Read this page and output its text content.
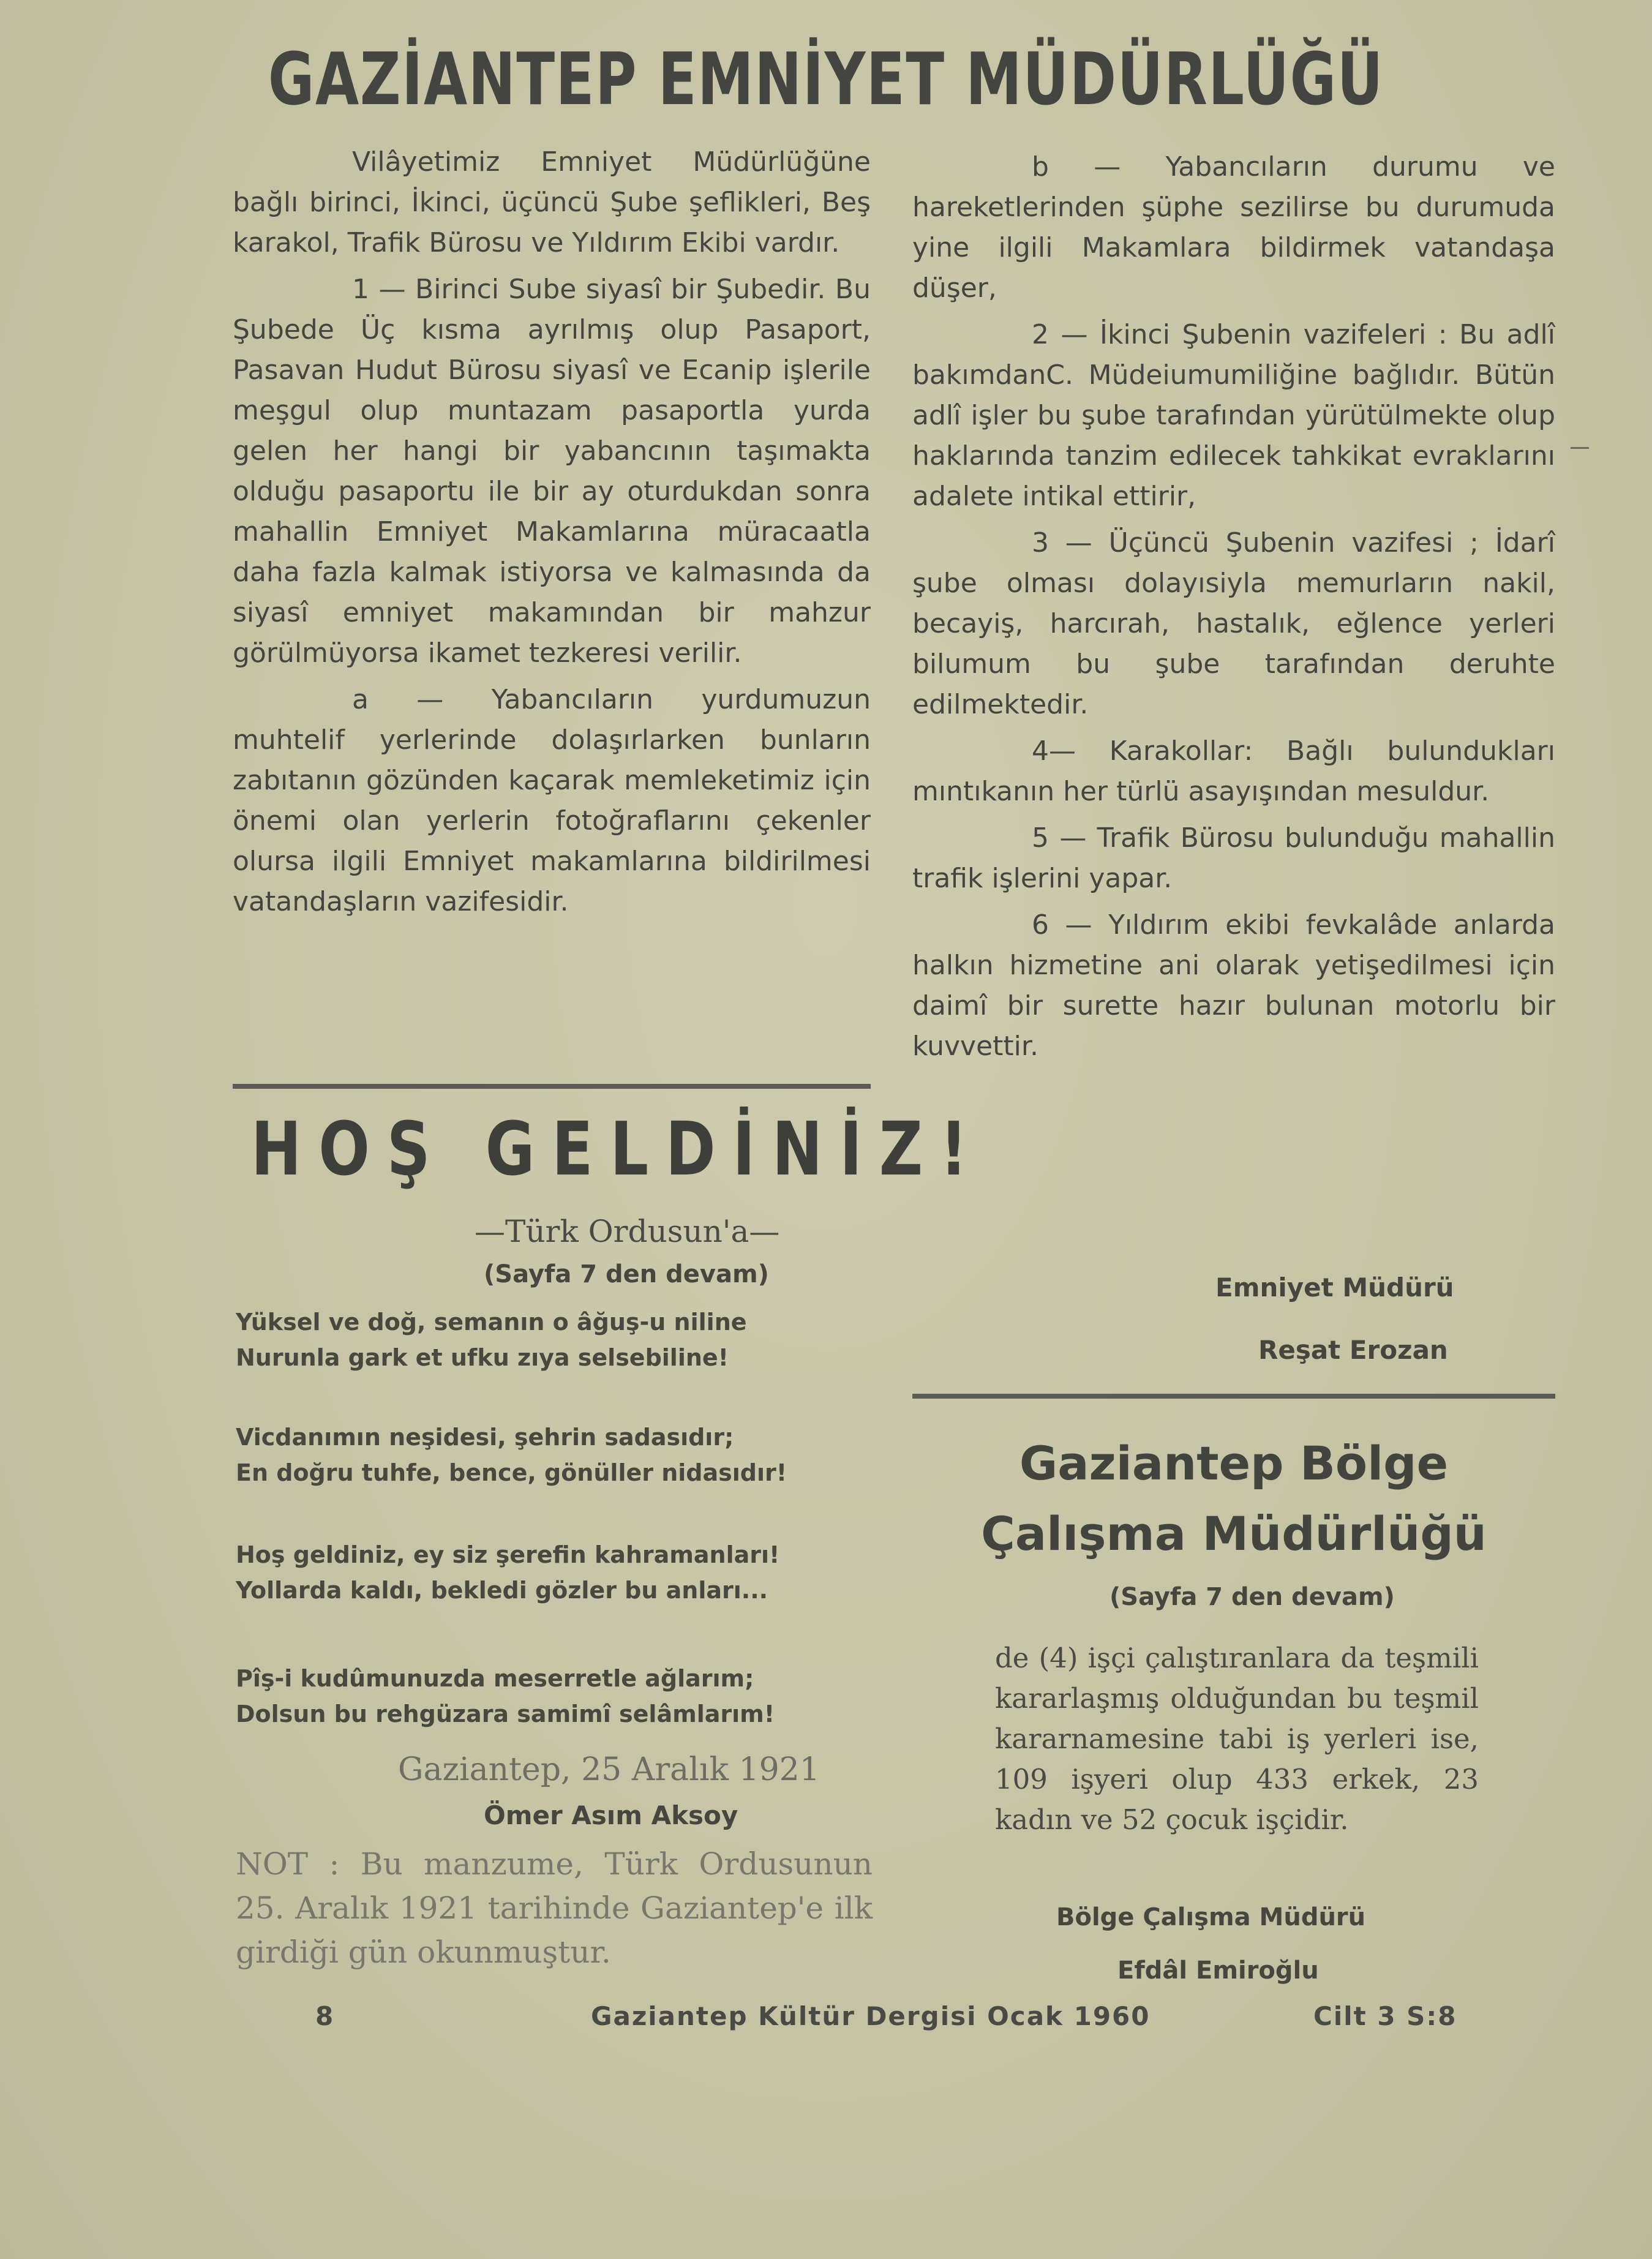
GAZİANTEP EMNİYET MÜDÜRLÜĞÜ

Vilâyetimiz Emniyet Müdürlüğüne bağlı birinci, İkinci, üçüncü Şube şeflikleri, Beş karakol, Trafik Bürosu ve Yıldırım Ekibi vardır.

1 — Birinci Sube siyasî bir Şubedir. Bu Şubede Üç kısma ayrılmış olup Pasaport, Pasavan Hudut Bürosu siyasî ve Ecanip işlerile meşgul olup muntazam pasaportla yurda gelen her hangi bir yabancının taşımakta olduğu pasaportu ile bir ay oturdukdan sonra mahallin Emniyet Makamlarına müracaatla daha fazla kalmak istiyorsa ve kalmasında da siyasî emniyet makamından bir mahzur görülmüyorsa ikamet tezkeresi verilir.

a — Yabancıların yurdumuzun muhtelif yerlerinde dolaşırlarken bunların zabıtanın gözünden kaçarak memleketimiz için önemi olan yerlerin fotoğraflarını çekenler olursa ilgili Emniyet makamlarına bildirilmesi vatandaşların vazifesidir.

b — Yabancıların durumu ve hareketlerinden şüphe sezilirse bu durumuda yine ilgili Makamlara bildirmek vatandaşa düşer,

2 — İkinci Şubenin vazifeleri : Bu adlî bakımdanC. Müdeiumumiliğine bağlıdır. Bütün adlî işler bu şube tarafından yürütülmekte olup haklarında tanzim edilecek tahkikat evraklarını adalete intikal ettirir,

3 — Üçüncü Şubenin vazifesi ; İdarî şube olması dolayısiyla memurların nakil, becayiş, harcırah, hastalık, eğlence yerleri bilumum bu şube tarafından deruhte edilmektedir.

4— Karakollar: Bağlı bulundukları mıntıkanın her türlü asayışından mesuldur.

5 — Trafik Bürosu bulunduğu mahallin trafik işlerini yapar.

6 — Yıldırım ekibi fevkalâde anlarda halkın hizmetine ani olarak yetişedilmesi için daimî bir surette hazır bulunan motorlu bir kuvvettir.

Emniyet Müdürü
Reşat Erozan
HOŞ GELDİNİZ!
—Türk Ordusun'a—
(Sayfa 7 den devam)
Yüksel ve doğ, semanın o âğuş-u niline
Nurunla gark et ufku zıya selsebiline!
Vicdanımın neşidesi, şehrin sadasıdır;
En doğru tuhfe, bence, gönüller nidasıdır!
Hoş geldiniz, ey siz şerefin kahramanları!
Yollarda kaldı, bekledi gözler bu anları...
Pîş-i kudûmunuzda meserretle ağlarım;
Dolsun bu rehgüzara samimî selâmlarım!
Gaziantep, 25 Aralık 1921
Ömer Asım Aksoy

NOT : Bu manzume, Türk Ordusunun 25. Aralık 1921 tarihinde Gaziantep'e ilk girdiği gün okunmuştur.

Gaziantep Bölge
Çalışma Müdürlüğü
(Sayfa 7 den devam)

de (4) işçi çalıştıranlara da teşmili kararlaşmış olduğundan bu teşmil kararnamesine tabi iş yerleri ise, 109 işyeri olup 433 erkek, 23 kadın ve 52 çocuk işçidir.

Bölge Çalışma Müdürü
Efdâl Emiroğlu
8	Gaziantep Kültür Dergisi Ocak 1960	Cilt 3 S:8
